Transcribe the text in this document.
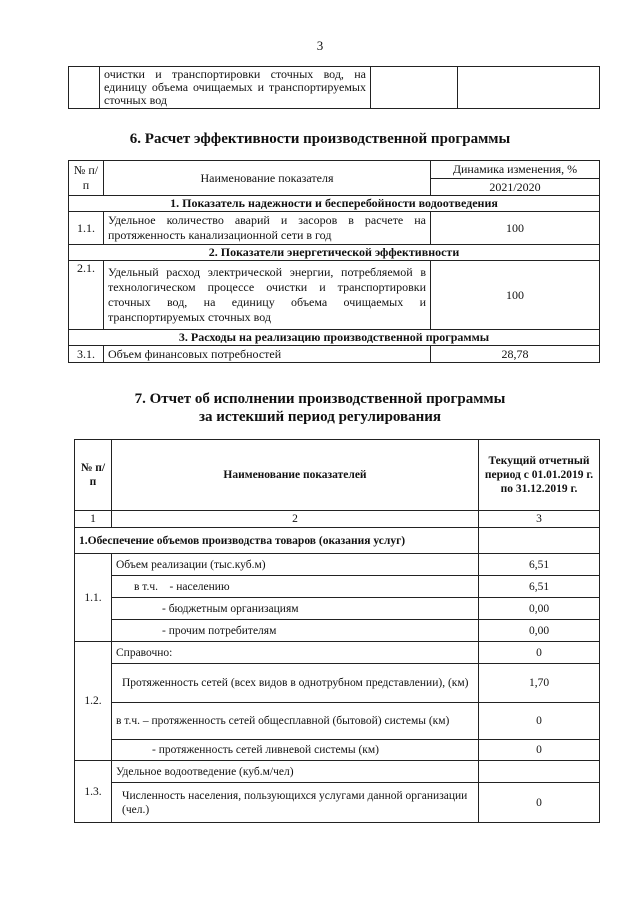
3
	очистки и транспортировки сточных вод, на единицу объема очищаемых и транспортируемых сточных вод		
6. Расчет эффективности производственной программы
№ п/п	Наименование показателя	Динамика изменения, %
		2021/2020
1. Показатель надежности и бесперебойности водоотведения		
1.1.	Удельное количество аварий и засоров в расчете на протяженность канализационной сети в год	100
2. Показатели энергетической эффективности		
2.1.	Удельный расход электрической энергии, потребляемой в технологическом процессе очистки и транспортировки сточных вод, на единицу объема очищаемых и транспортируемых сточных вод	100
3. Расходы на реализацию производственной программы		
3.1.	Объем финансовых потребностей	28,78
7. Отчет об исполнении производственной программы
за истекший период регулирования
№ п/п	Наименование показателей	Текущий отчетный период с 01.01.2019 г. по 31.12.2019 г.
1	2	3
1.Обеспечение объемов производства товаров (оказания услуг)		
1.1.	Объем реализации (тыс.куб.м)	6,51
	в т.ч.    - населению	6,51
	- бюджетным организациям	0,00
	- прочим потребителям	0,00
1.2.	Справочно:	0
	Протяженность сетей (всех видов в однотрубном представлении), (км)	1,70
	в т.ч. – протяженность сетей общесплавной (бытовой) системы (км)	0
	- протяженность сетей ливневой системы (км)	0
1.3.	Удельное водоотведение (куб.м/чел)	
	Численность населения, пользующихся услугами данной организации (чел.)	0
